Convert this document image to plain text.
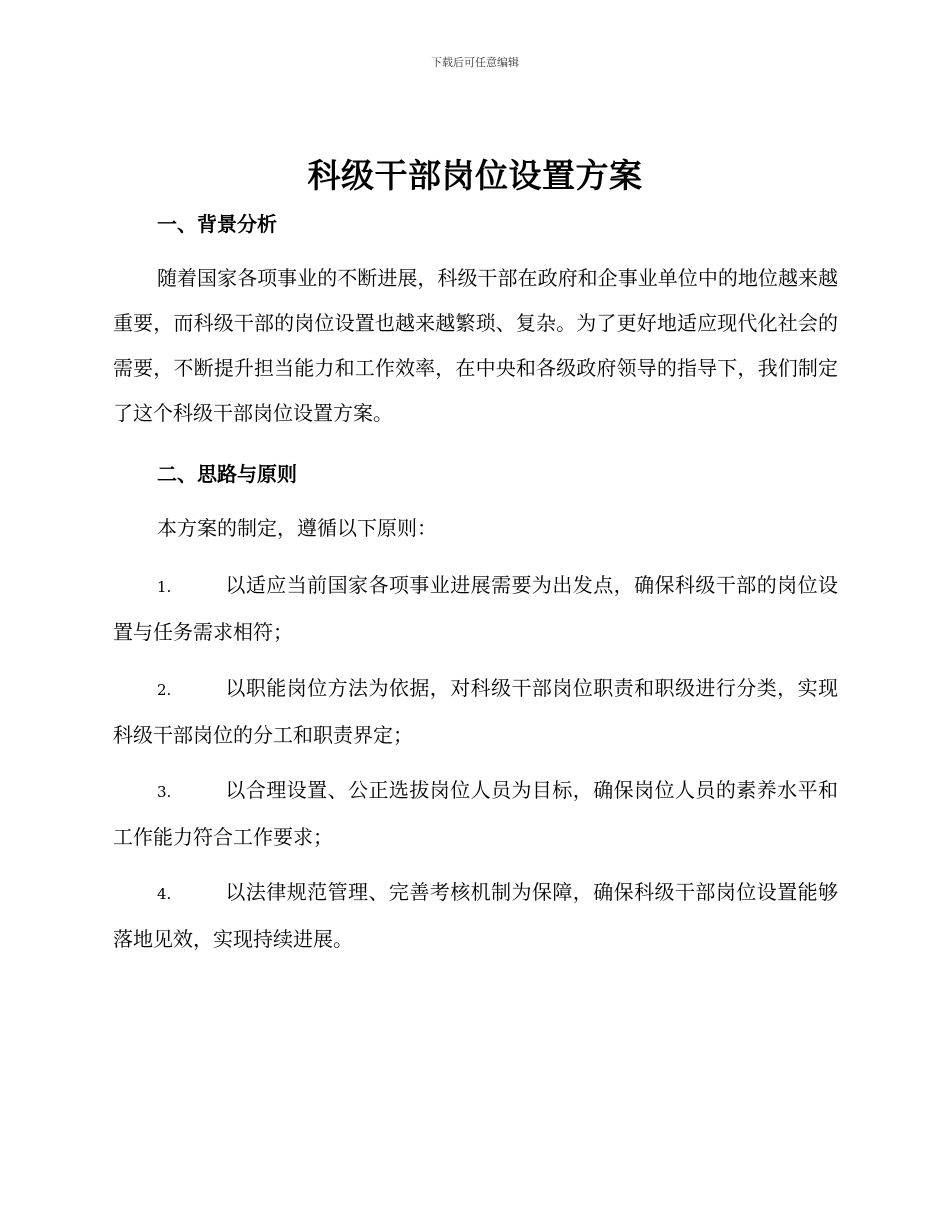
下载后可任意编辑
科级干部岗位设置方案
一、背景分析
随着国家各项事业的不断进展，科级干部在政府和企事业单位中的地位越来越重要，而科级干部的岗位设置也越来越繁琐、复杂。为了更好地适应现代化社会的需要，不断提升担当能力和工作效率，在中央和各级政府领导的指导下，我们制定了这个科级干部岗位设置方案。
二、思路与原则
本方案的制定，遵循以下原则：
1.	以适应当前国家各项事业进展需要为出发点，确保科级干部的岗位设置与任务需求相符；
2.	以职能岗位方法为依据，对科级干部岗位职责和职级进行分类，实现科级干部岗位的分工和职责界定；
3.	以合理设置、公正选拔岗位人员为目标，确保岗位人员的素养水平和工作能力符合工作要求；
4.	以法律规范管理、完善考核机制为保障，确保科级干部岗位设置能够落地见效，实现持续进展。
